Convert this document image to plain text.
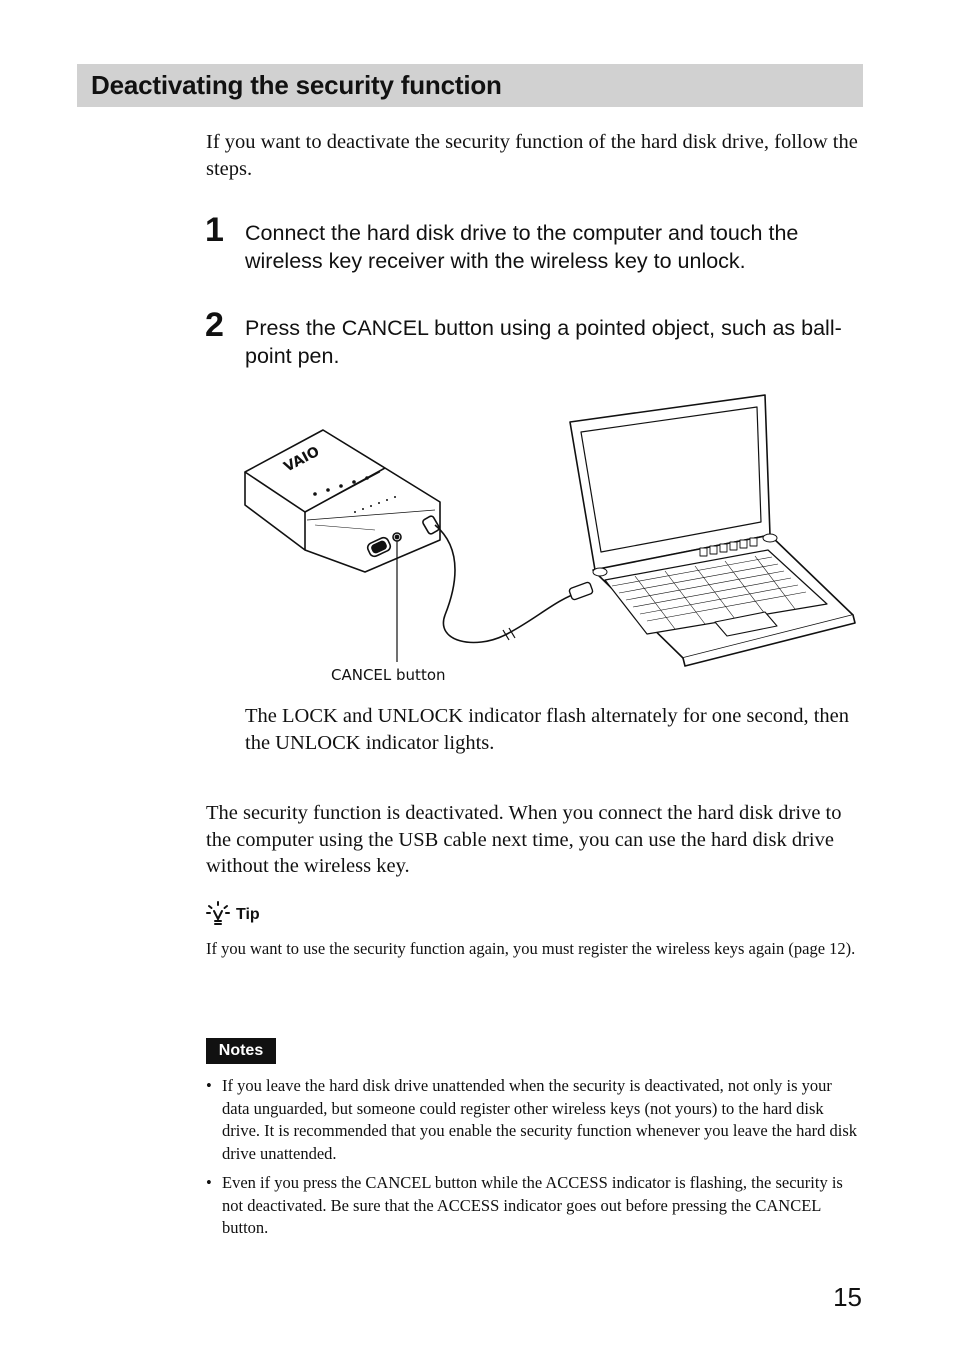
Deactivating the security function

If you want to deactivate the security function of the hard disk drive, follow the steps.

1 Connect the hard disk drive to the computer and touch the wireless key receiver with the wireless key to unlock.

2 Press the CANCEL button using a pointed object, such as ball-point pen.

VAIO
CANCEL button

The LOCK and UNLOCK indicator flash alternately for one second, then the UNLOCK indicator lights.

The security function is deactivated. When you connect the hard disk drive to the computer using the USB cable next time, you can use the hard disk drive without the wireless key.

Tip

If you want to use the security function again, you must register the wireless keys again (page 12).

Notes
• If you leave the hard disk drive unattended when the security is deactivated, not only is your data unguarded, but someone could register other wireless keys (not yours) to the hard disk drive. It is recommended that you enable the security function whenever you leave the hard disk drive unattended.

• Even if you press the CANCEL button while the ACCESS indicator is flashing, the security is not deactivated. Be sure that the ACCESS indicator goes out before pressing the CANCEL button.

15
